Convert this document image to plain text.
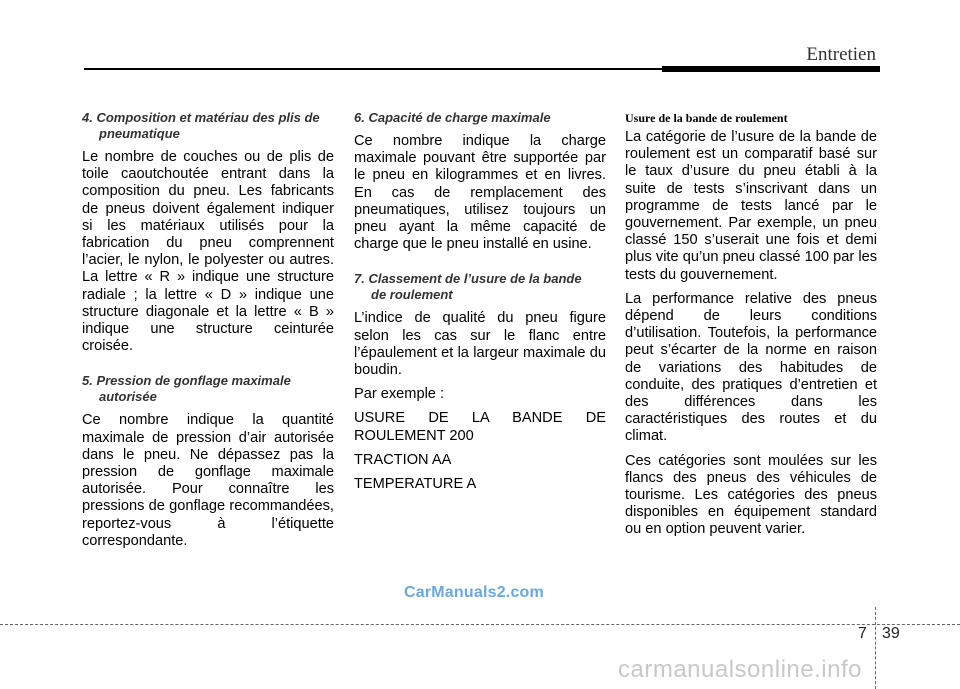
Entretien
4. Composition et matériau des plis de
pneumatique

Le nombre de couches ou de plis de toile caoutchoutée entrant dans la composition du pneu. Les fabricants de pneus doivent également indiquer si les matériaux utilisés pour la fabrication du pneu comprennent l’acier, le nylon, le polyester ou autres. La lettre « R » indique une structure radiale ; la lettre « D » indique une structure diagonale et la lettre « B » indique une structure ceinturée croisée.

5. Pression de gonflage maximale
autorisée

Ce nombre indique la quantité maximale de pression d’air autorisée dans le pneu. Ne dépassez pas la pression de gonflage maximale autorisée. Pour connaître les pressions de gonflage recommandées, reportez-vous à l’étiquette correspondante.

6. Capacité de charge maximale

Ce nombre indique la charge maximale pouvant être supportée par le pneu en kilogrammes et en livres. En cas de remplacement des pneumatiques, utilisez toujours un pneu ayant la même capacité de charge que le pneu installé en usine.

7. Classement de l’usure de la bande
de roulement

L’indice de qualité du pneu figure selon les cas sur le flanc entre l’épaulement et la largeur maximale du boudin.

Par exemple :

USURE DE LA BANDE DE ROULEMENT 200

TRACTION AA

TEMPERATURE A

Usure de la bande de roulement

La catégorie de l’usure de la bande de roulement est un comparatif basé sur le taux d’usure du pneu établi à la suite de tests s’inscrivant dans un programme de tests lancé par le gouvernement. Par exemple, un pneu classé 150 s’userait une fois et demi plus vite qu’un pneu classé 100 par les tests du gouvernement.

La performance relative des pneus dépend de leurs conditions d’utilisation. Toutefois, la performance peut s’écarter de la norme en raison de variations des habitudes de conduite, des pratiques d’entretien et des différences dans les caractéristiques des routes et du climat.

Ces catégories sont moulées sur les flancs des pneus des véhicules de tourisme. Les catégories des pneus disponibles en équipement standard ou en option peuvent varier.

CarManuals2.com
7 39
carmanualsonline.info
